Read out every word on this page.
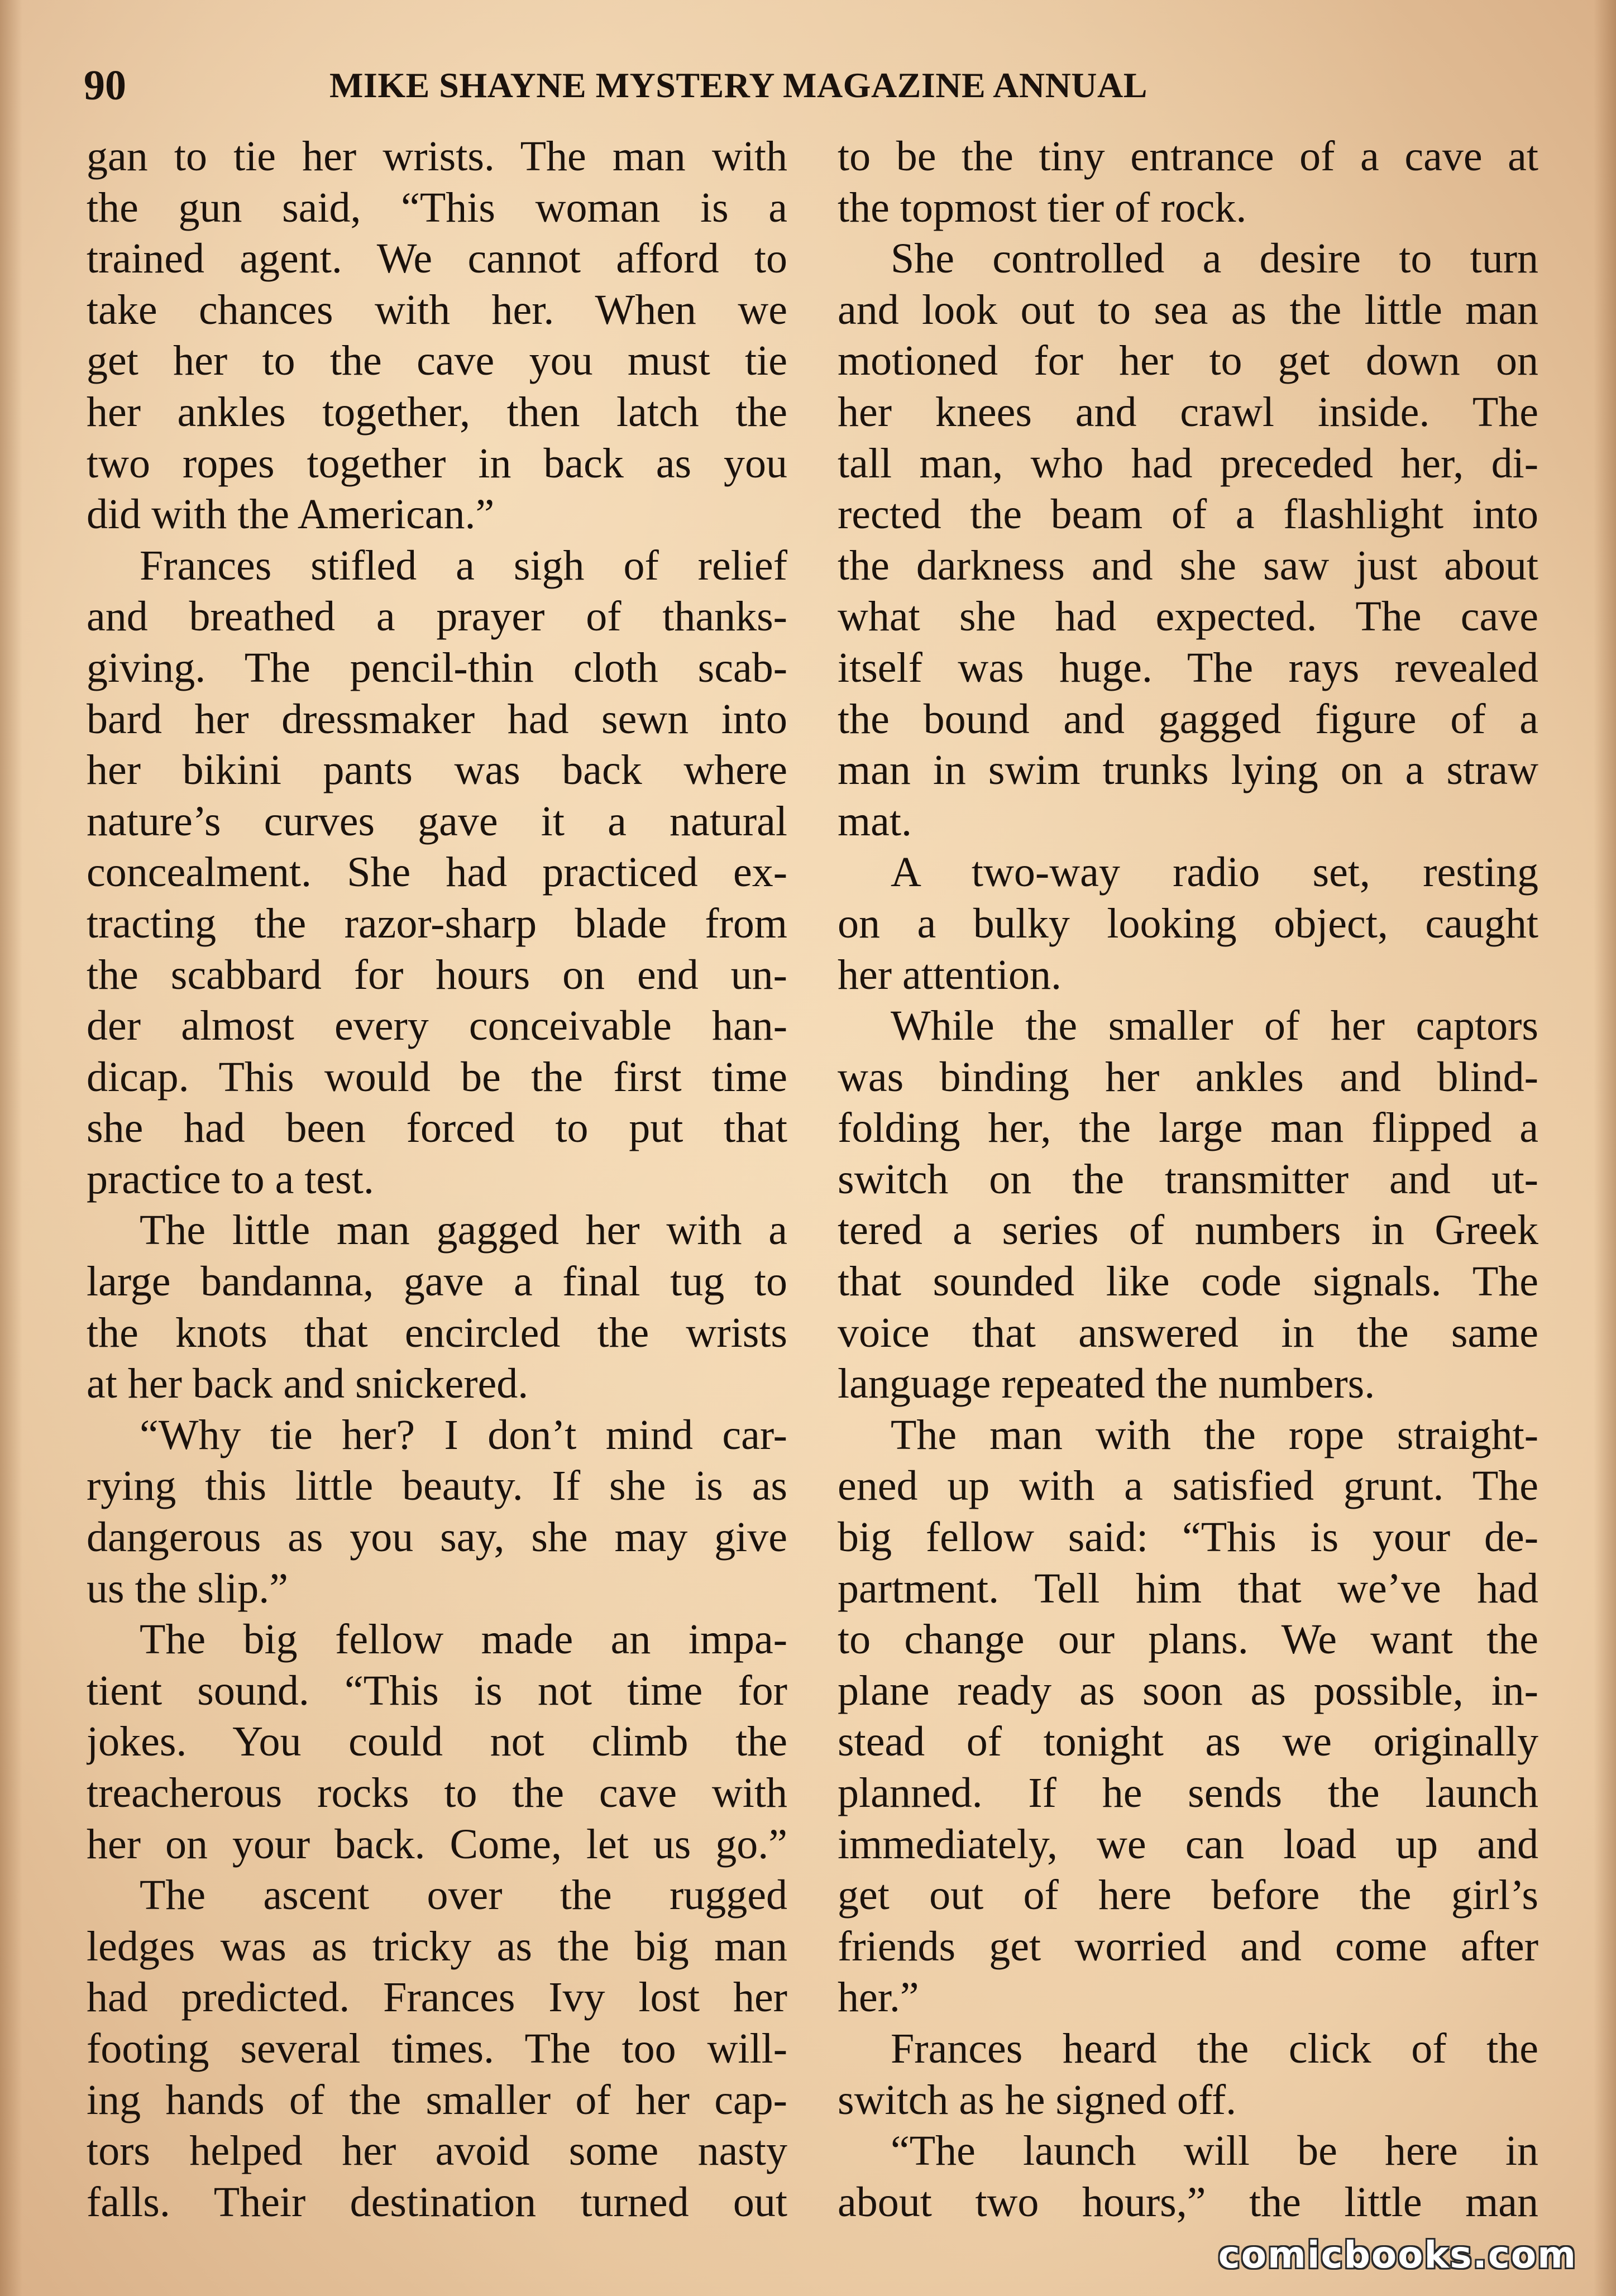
90	MIKE SHAYNE MYSTERY MAGAZINE ANNUAL
gan to tie her wrists. The man with
the gun said, “This woman is a
trained agent. We cannot afford to
take chances with her. When we
get her to the cave you must tie
her ankles together, then latch the
two ropes together in back as you
did with the American.”
Frances stifled a sigh of relief
and breathed a prayer of thanks-
giving. The pencil-thin cloth scab-
bard her dressmaker had sewn into
her bikini pants was back where
nature’s curves gave it a natural
concealment. She had practiced ex-
tracting the razor-sharp blade from
the scabbard for hours on end un-
der almost every conceivable han-
dicap. This would be the first time
she had been forced to put that
practice to a test.
The little man gagged her with a
large bandanna, gave a final tug to
the knots that encircled the wrists
at her back and snickered.
“Why tie her? I don’t mind car-
rying this little beauty. If she is as
dangerous as you say, she may give
us the slip.”
The big fellow made an impa-
tient sound. “This is not time for
jokes. You could not climb the
treacherous rocks to the cave with
her on your back. Come, let us go.”
The ascent over the rugged
ledges was as tricky as the big man
had predicted. Frances Ivy lost her
footing several times. The too will-
ing hands of the smaller of her cap-
tors helped her avoid some nasty
falls. Their destination turned out
to be the tiny entrance of a cave at
the topmost tier of rock.
She controlled a desire to turn
and look out to sea as the little man
motioned for her to get down on
her knees and crawl inside. The
tall man, who had preceded her, di-
rected the beam of a flashlight into
the darkness and she saw just about
what she had expected. The cave
itself was huge. The rays revealed
the bound and gagged figure of a
man in swim trunks lying on a straw
mat.
A two-way radio set, resting
on a bulky looking object, caught
her attention.
While the smaller of her captors
was binding her ankles and blind-
folding her, the large man flipped a
switch on the transmitter and ut-
tered a series of numbers in Greek
that sounded like code signals. The
voice that answered in the same
language repeated the numbers.
The man with the rope straight-
ened up with a satisfied grunt. The
big fellow said: “This is your de-
partment. Tell him that we’ve had
to change our plans. We want the
plane ready as soon as possible, in-
stead of tonight as we originally
planned. If he sends the launch
immediately, we can load up and
get out of here before the girl’s
friends get worried and come after
her.”
Frances heard the click of the
switch as he signed off.
“The launch will be here in
about two hours,” the little man
comicbooks.com
